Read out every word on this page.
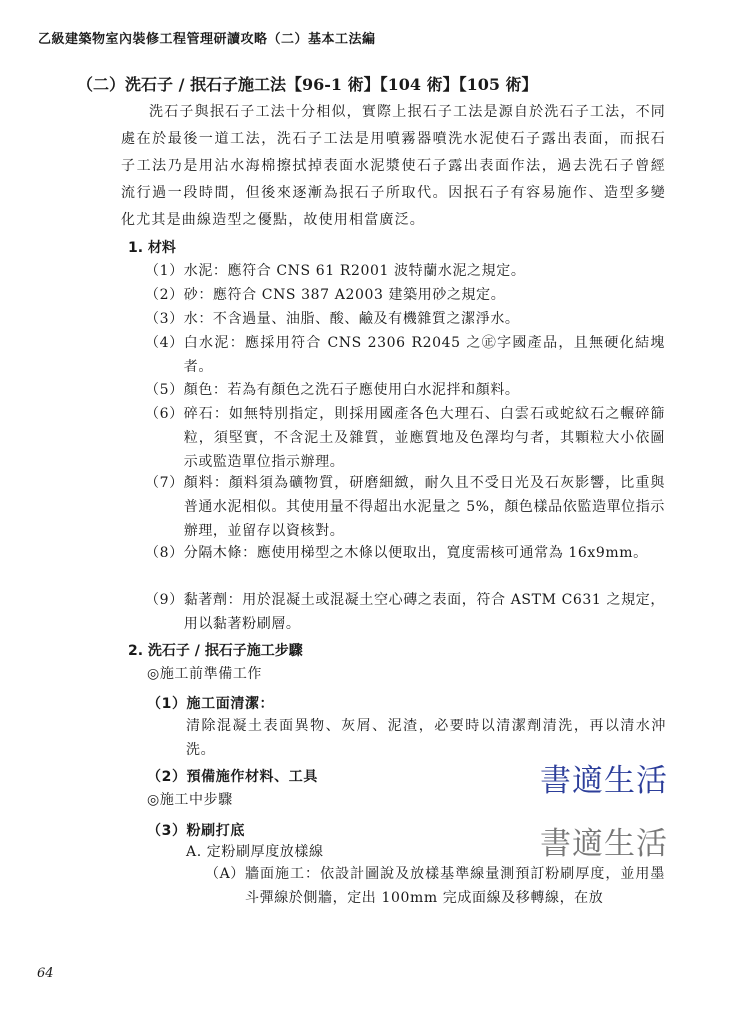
乙級建築物室內裝修工程管理研讀攻略（二）基本工法編
（二）洗石子 / 抿石子施工法【96-1 術】【104 術】【105 術】

洗石子與抿石子工法十分相似，實際上抿石子工法是源自於洗石子工法，不同處在於最後一道工法，洗石子工法是用噴霧器噴洗水泥使石子露出表面，而抿石子工法乃是用沾水海棉擦拭掉表面水泥漿使石子露出表面作法，過去洗石子曾經流行過一段時間，但後來逐漸為抿石子所取代。因抿石子有容易施作、造型多變化尤其是曲線造型之優點，故使用相當廣泛。

1. 材料
（1） 水泥：應符合 CNS 61 R2001 波特蘭水泥之規定。
（2） 砂：應符合 CNS 387 A2003 建築用砂之規定。
（3） 水：不含過量、油脂、酸、鹼及有機雜質之潔淨水。
（4） 白水泥：應採用符合 CNS 2306 R2045 之㊣字國產品，且無硬化結塊者。
（5） 顏色：若為有顏色之洗石子應使用白水泥拌和顏料。
（6） 碎石：如無特別指定，則採用國產各色大理石、白雲石或蛇紋石之輾碎篩粒，須堅實，不含泥土及雜質，並應質地及色澤均勻者，其顆粒大小依圖示或監造單位指示辦理。
（7） 顏料：顏料須為礦物質，研磨細緻，耐久且不受日光及石灰影響，比重與普通水泥相似。其使用量不得超出水泥量之 5%，顏色樣品依監造單位指示辦理，並留存以資核對。
（8） 分隔木條：應使用梯型之木條以便取出，寬度需核可通常為 16x9mm。
（9） 黏著劑：用於混凝土或混凝土空心磚之表面，符合 ASTM C631 之規定，用以黏著粉刷層。
2. 洗石子 / 抿石子施工步驟
◎施工前準備工作
（1）施工面清潔：
清除混凝土表面異物、灰屑、泥渣，必要時以清潔劑清洗，再以清水沖洗。
（2）預備施作材料、工具
◎施工中步驟
（3）粉刷打底
A. 定粉刷厚度放樣線
（A） 牆面施工：依設計圖說及放樣基準線量測預訂粉刷厚度，並用墨斗彈線於側牆，定出 100mm 完成面線及移轉線，在放
書適生活
書適生活
64
